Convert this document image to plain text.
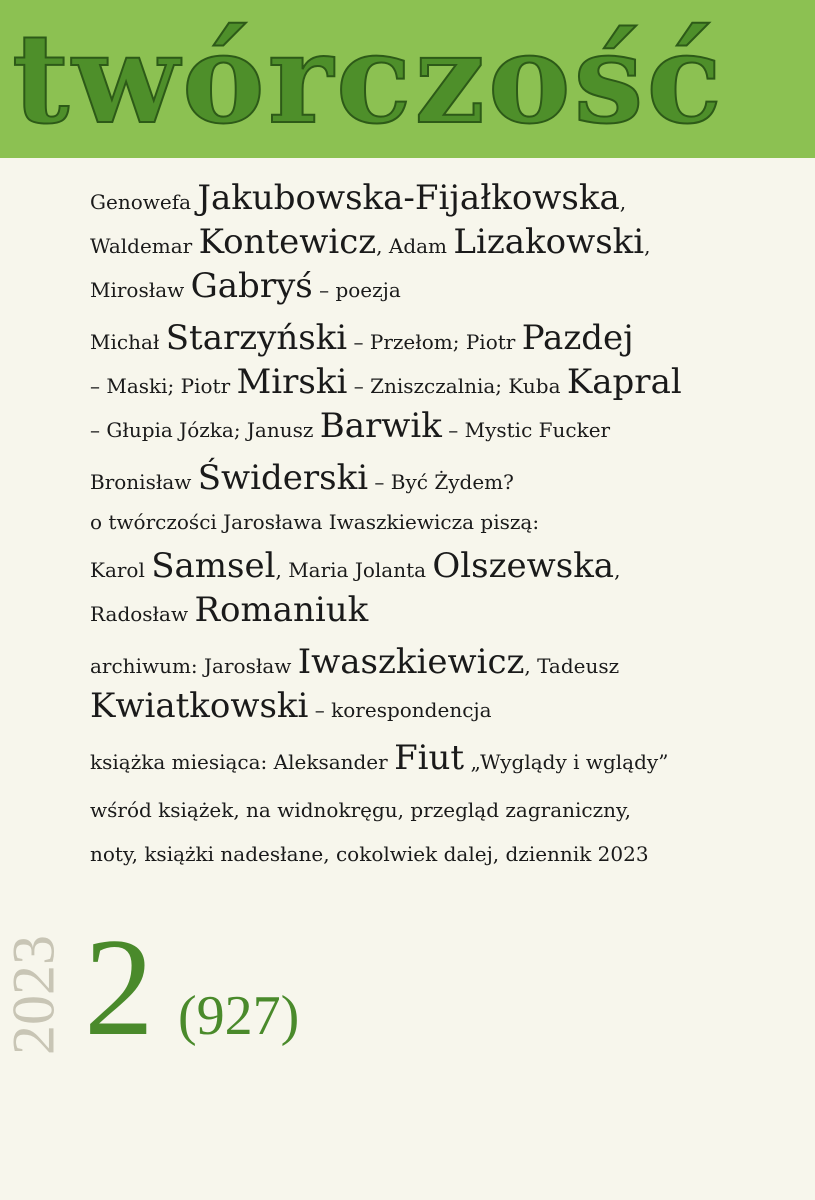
twórczość

Genowefa Jakubowska-Fijałkowska,

Waldemar Kontewicz, Adam Lizakowski,

Mirosław Gabryś – poezja

Michał Starzyński – Przełom; Piotr Pazdej

– Maski; Piotr Mirski – Zniszczalnia; Kuba Kapral

– Głupia Józka; Janusz Barwik – Mystic Fucker

Bronisław Świderski – Być Żydem?

o twórczości Jarosława Iwaszkiewicza piszą:

Karol Samsel, Maria Jolanta Olszewska,

Radosław Romaniuk

archiwum: Jarosław Iwaszkiewicz, Tadeusz

Kwiatkowski – korespondencja

książka miesiąca: Aleksander Fiut „Wyglądy i wglądy”

wśród książek, na widnokręgu, przegląd zagraniczny,

noty, książki nadesłane, cokolwiek dalej, dziennik 2023

2023 2 (927)
